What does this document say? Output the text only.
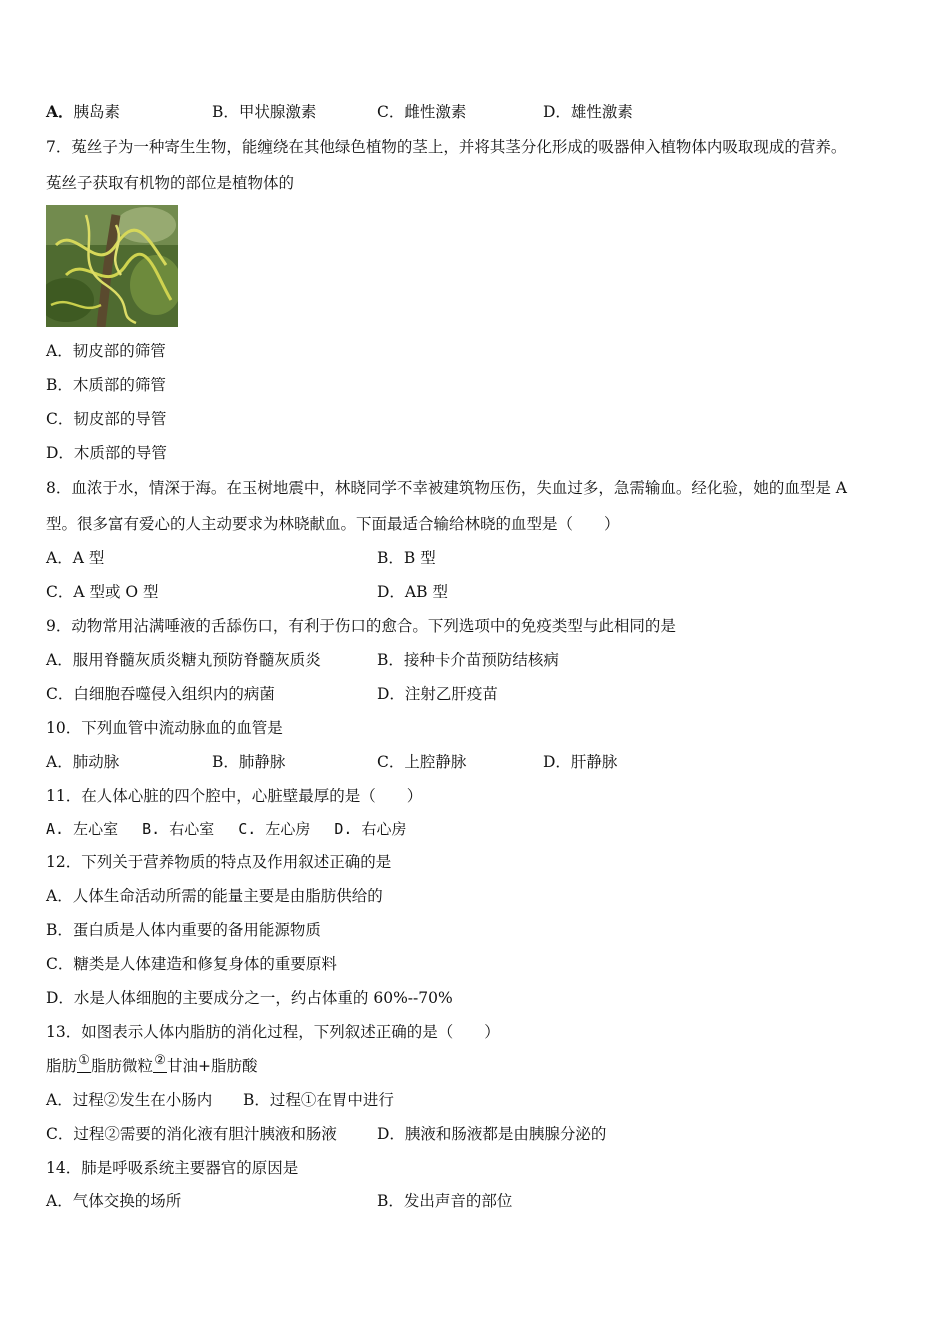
A．胰岛素	B．甲状腺激素	C．雌性激素	D．雄性激素
7．菟丝子为一种寄生生物，能缠绕在其他绿色植物的茎上，并将其茎分化形成的吸器伸入植物体内吸取现成的营养。
菟丝子获取有机物的部位是植物体的
A．韧皮部的筛管
B．木质部的筛管
C．韧皮部的导管
D．木质部的导管
8．血浓于水，情深于海。在玉树地震中，林晓同学不幸被建筑物压伤，失血过多，急需输血。经化验，她的血型是 A
型。很多富有爱心的人主动要求为林晓献血。下面最适合输给林晓的血型是（　　）
A．A 型	B．B 型
C．A 型或 O 型	D．AB 型
9．动物常用沾满唾液的舌舔伤口，有利于伤口的愈合。下列选项中的免疫类型与此相同的是
A．服用脊髓灰质炎糖丸预防脊髓灰质炎	B．接种卡介苗预防结核病
C．白细胞吞噬侵入组织内的病菌	D．注射乙肝疫苗
10．下列血管中流动脉血的血管是
A．肺动脉	B．肺静脉	C．上腔静脉	D．肝静脉
11．在人体心脏的四个腔中，心脏壁最厚的是（　　）
A. 左心室　 B. 右心室　 C. 左心房　 D. 右心房
12．下列关于营养物质的特点及作用叙述正确的是
A．人体生命活动所需的能量主要是由脂肪供给的
B．蛋白质是人体内重要的备用能源物质
C．糖类是人体建造和修复身体的重要原料
D．水是人体细胞的主要成分之一，约占体重的 60%--70%
13．如图表示人体内脂肪的消化过程，下列叙述正确的是（　　）
脂肪①脂肪微粒②甘油+脂肪酸
A．过程②发生在小肠内 B．过程①在胃中进行
C．过程②需要的消化液有胆汁胰液和肠液	D．胰液和肠液都是由胰腺分泌的
14．肺是呼吸系统主要器官的原因是
A．气体交换的场所	B．发出声音的部位
